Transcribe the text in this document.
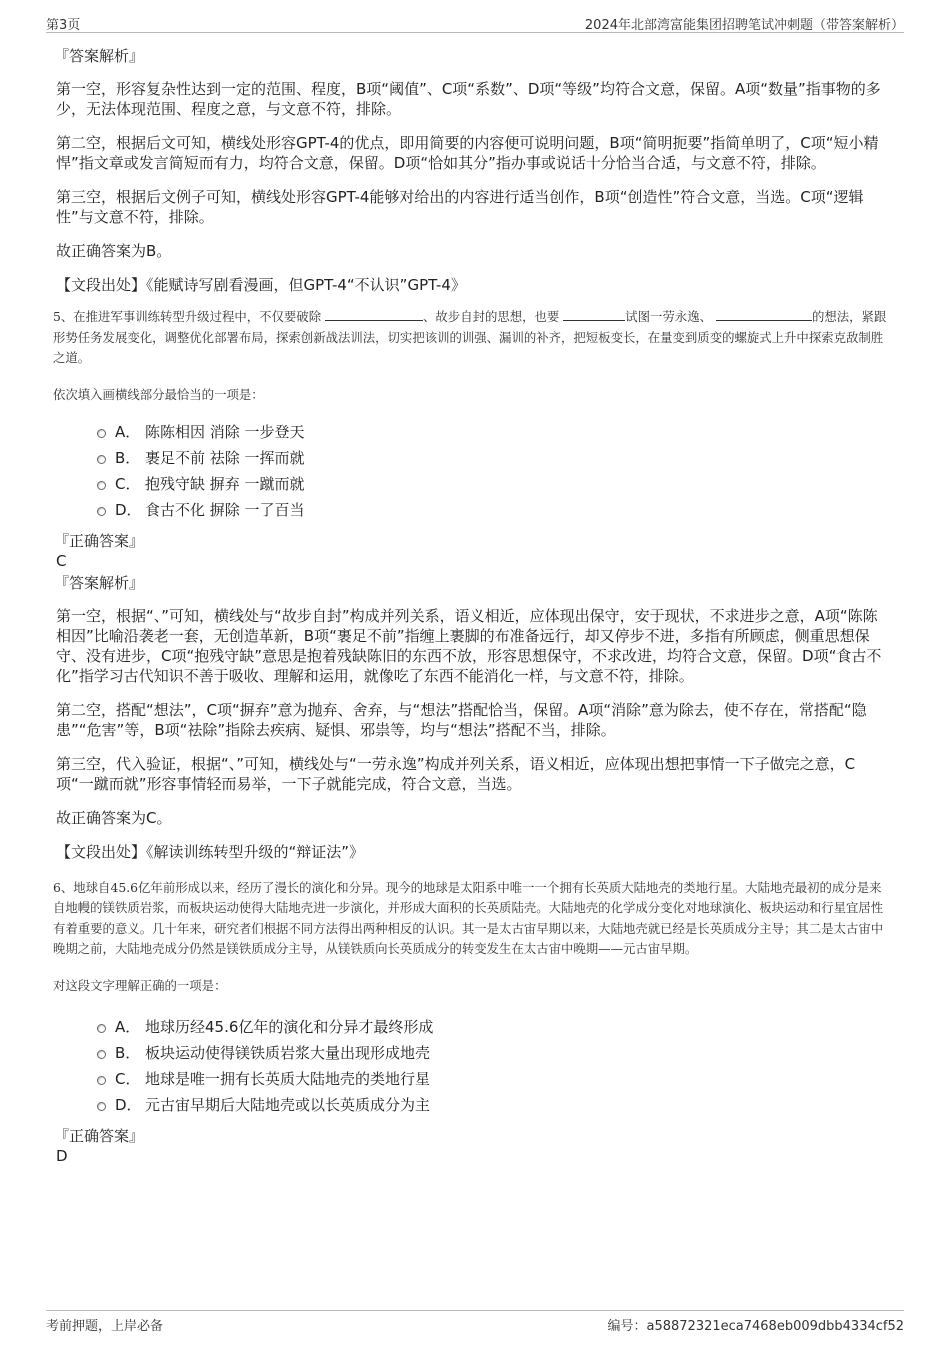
第3页	2024年北部湾富能集团招聘笔试冲刺题（带答案解析）
『答案解析』

第一空，形容复杂性达到一定的范围、程度，B项“阈值”、C项“系数”、D项“等级”均符合文意，保留。A项“数量”指事物的多少，无法体现范围、程度之意，与文意不符，排除。

第二空，根据后文可知，横线处形容GPT-4的优点，即用简要的内容便可说明问题，B项“简明扼要”指简单明了，C项“短小精悍”指文章或发言简短而有力，均符合文意，保留。D项“恰如其分”指办事或说话十分恰当合适，与文意不符，排除。

第三空，根据后文例子可知，横线处形容GPT-4能够对给出的内容进行适当创作，B项“创造性”符合文意，当选。C项“逻辑性”与文意不符，排除。

故正确答案为B。

【文段出处】《能赋诗写剧看漫画，但GPT-4“不认识”GPT-4》

5、在推进军事训练转型升级过程中，不仅要破除	、故步自封的思想，也要	试图一劳永逸、	的想法，紧跟形势任务发展变化，调整优化部署布局，探索创新战法训法，切实把该训的训强、漏训的补齐，把短板变长，在量变到质变的螺旋式上升中探索克敌制胜之道。

依次填入画横线部分最恰当的一项是：

A． 陈陈相因 消除 一步登天
B． 裹足不前 祛除 一挥而就
C． 抱残守缺 摒弃 一蹴而就
D． 食古不化 摒除 一了百当
『正确答案』
C
『答案解析』

第一空，根据“、”可知，横线处与“故步自封”构成并列关系，语义相近，应体现出保守，安于现状，不求进步之意，A项“陈陈相因”比喻沿袭老一套，无创造革新，B项“裹足不前”指缠上裹脚的布准备远行，却又停步不进，多指有所顾虑，侧重思想保守、没有进步，C项“抱残守缺”意思是抱着残缺陈旧的东西不放，形容思想保守，不求改进，均符合文意，保留。D项“食古不化”指学习古代知识不善于吸收、理解和运用，就像吃了东西不能消化一样，与文意不符，排除。

第二空，搭配“想法”，C项“摒弃”意为抛弃、舍弃，与“想法”搭配恰当，保留。A项“消除”意为除去，使不存在，常搭配“隐患”“危害”等，B项“祛除”指除去疾病、疑惧、邪祟等，均与“想法”搭配不当，排除。

第三空，代入验证，根据“、”可知，横线处与“一劳永逸”构成并列关系，语义相近，应体现出想把事情一下子做完之意，C项“一蹴而就”形容事情轻而易举，一下子就能完成，符合文意，当选。

故正确答案为C。

【文段出处】《解读训练转型升级的“辩证法”》

6、地球自45.6亿年前形成以来，经历了漫长的演化和分异。现今的地球是太阳系中唯一一个拥有长英质大陆地壳的类地行星。大陆地壳最初的成分是来自地幔的镁铁质岩浆，而板块运动使得大陆地壳进一步演化，并形成大面积的长英质陆壳。大陆地壳的化学成分变化对地球演化、板块运动和行星宜居性有着重要的意义。几十年来，研究者们根据不同方法得出两种相反的认识。其一是太古宙早期以来，大陆地壳就已经是长英质成分主导；其二是太古宙中晚期之前，大陆地壳成分仍然是镁铁质成分主导，从镁铁质向长英质成分的转变发生在太古宙中晚期——元古宙早期。

对这段文字理解正确的一项是：

A． 地球历经45.6亿年的演化和分异才最终形成
B． 板块运动使得镁铁质岩浆大量出现形成地壳
C． 地球是唯一拥有长英质大陆地壳的类地行星
D． 元古宙早期后大陆地壳或以长英质成分为主
『正确答案』
D
考前押题，上岸必备	编号：a58872321eca7468eb009dbb4334cf52
